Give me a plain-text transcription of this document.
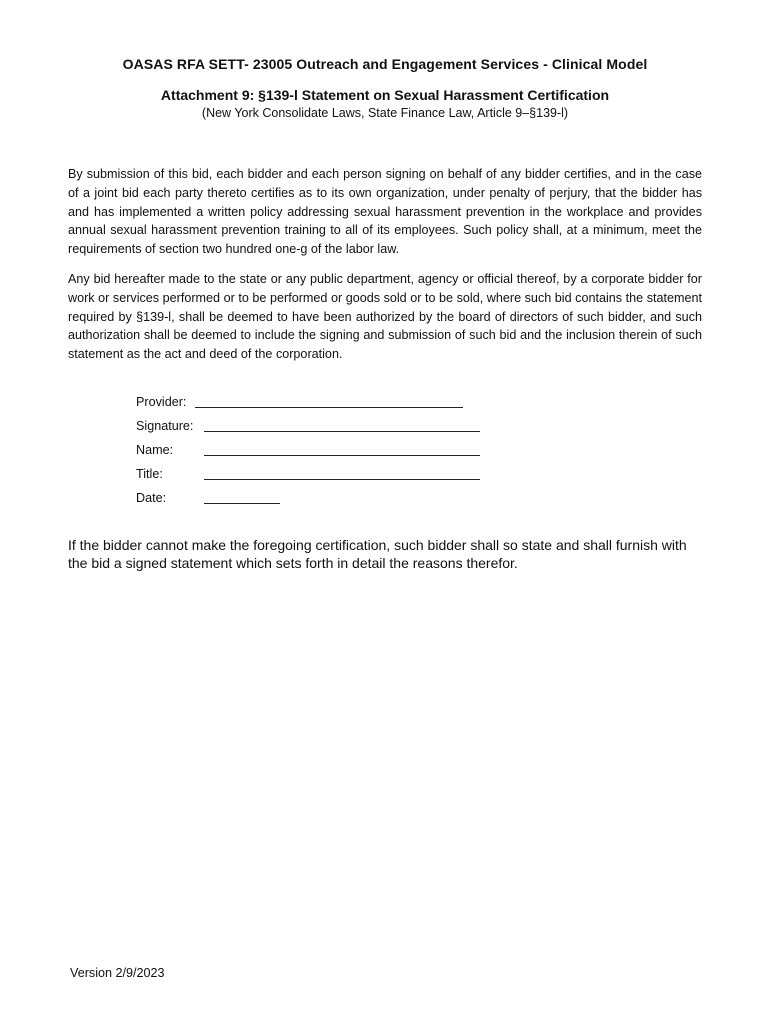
OASAS RFA SETT- 23005 Outreach and Engagement Services - Clinical Model
Attachment 9: §139-l Statement on Sexual Harassment Certification
(New York Consolidate Laws, State Finance Law, Article 9–§139-l)

By submission of this bid, each bidder and each person signing on behalf of any bidder certifies, and in the case of a joint bid each party thereto certifies as to its own organization, under penalty of perjury, that the bidder has and has implemented a written policy addressing sexual harassment prevention in the workplace and provides annual sexual harassment prevention training to all of its employees. Such policy shall, at a minimum, meet the requirements of section two hundred one-g of the labor law.

Any bid hereafter made to the state or any public department, agency or official thereof, by a corporate bidder for work or services performed or to be performed or goods sold or to be sold, where such bid contains the statement required by §139-l, shall be deemed to have been authorized by the board of directors of such bidder, and such authorization shall be deemed to include the signing and submission of such bid and the inclusion therein of such statement as the act and deed of the corporation.

Provider:
Signature:
Name:
Title:
Date:

If the bidder cannot make the foregoing certification, such bidder shall so state and shall furnish with the bid a signed statement which sets forth in detail the reasons therefor.

Version 2/9/2023
